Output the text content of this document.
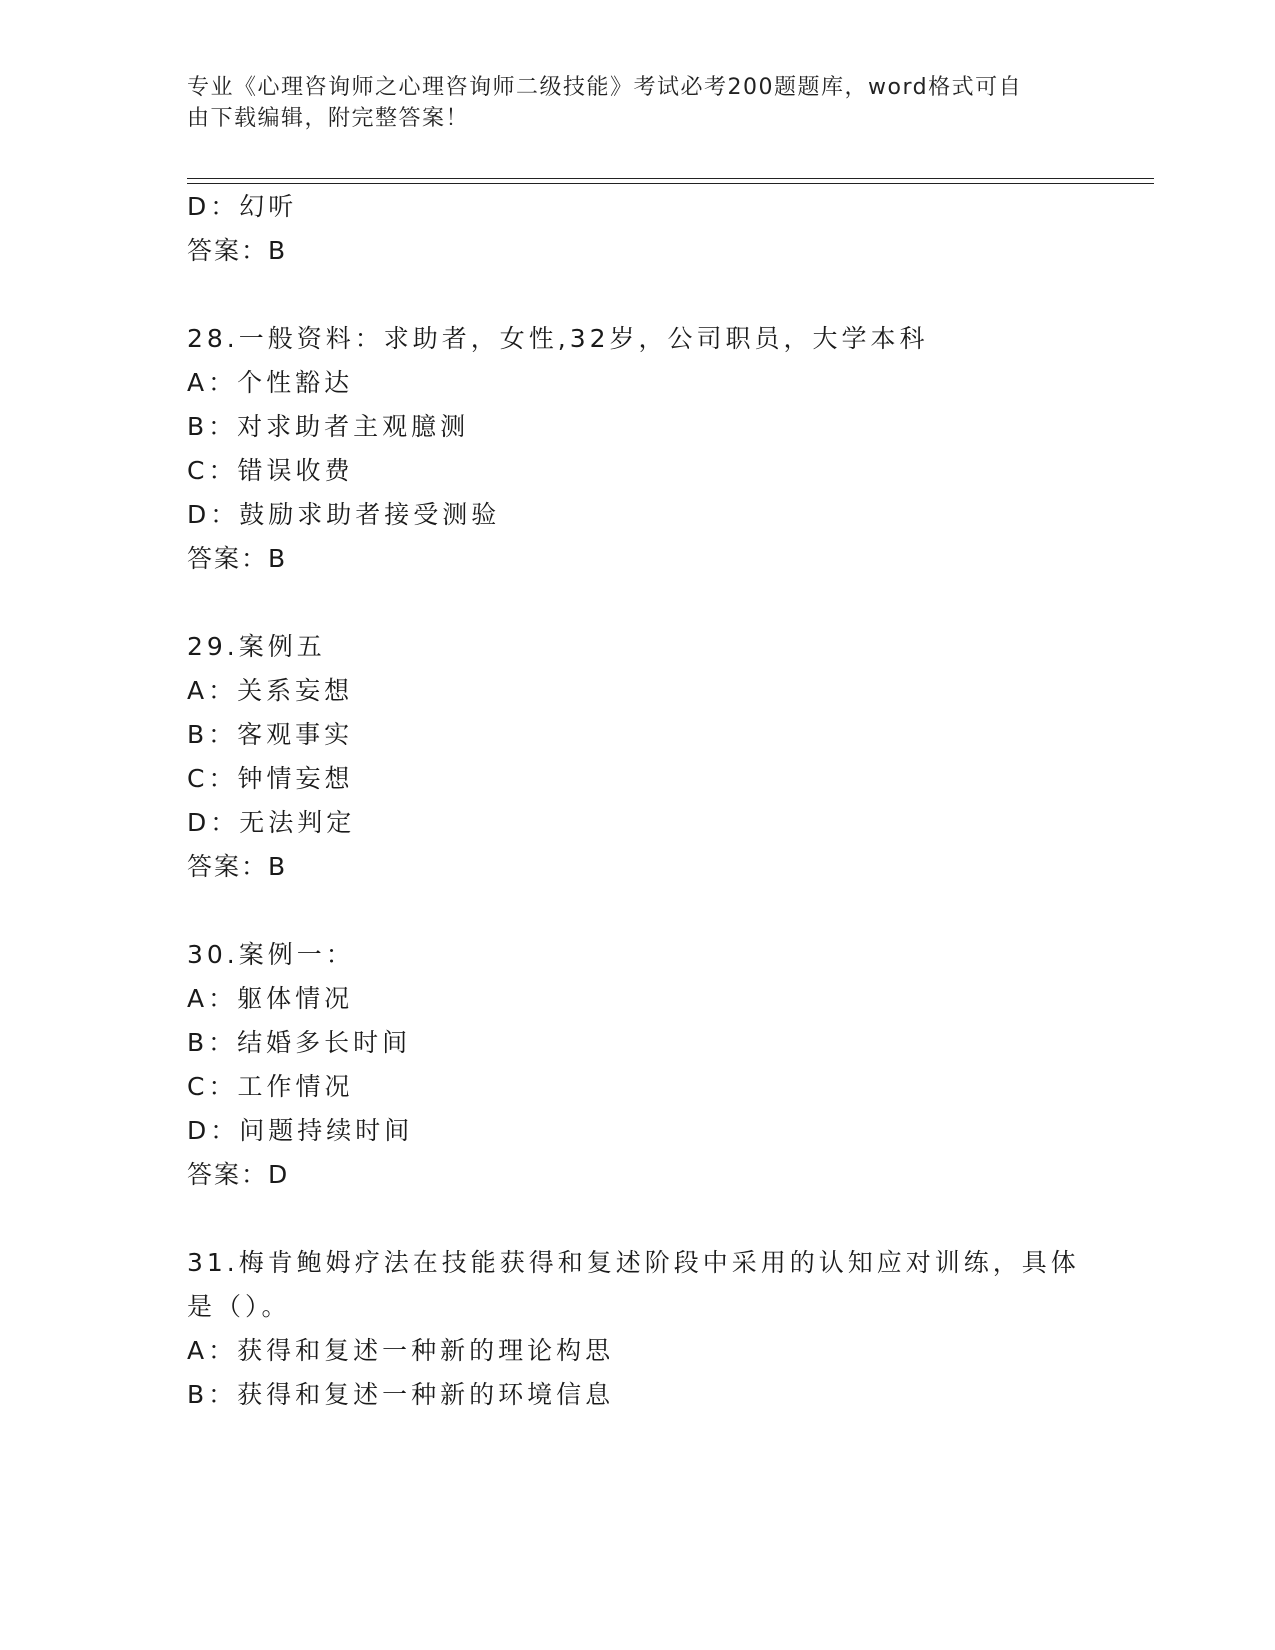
专业《心理咨询师之心理咨询师二级技能》考试必考200题题库，word格式可自
由下载编辑，附完整答案！
D：幻听
答案：B
28.一般资料：求助者，女性,32岁，公司职员，大学本科
A：个性豁达
B：对求助者主观臆测
C：错误收费
D：鼓励求助者接受测验
答案：B
29.案例五
A：关系妄想
B：客观事实
C：钟情妄想
D：无法判定
答案：B
30.案例一：
A：躯体情况
B：结婚多长时间
C：工作情况
D：问题持续时间
答案：D
31.梅肯鲍姆疗法在技能获得和复述阶段中采用的认知应对训练，具体
是（）。
A：获得和复述一种新的理论构思
B：获得和复述一种新的环境信息
